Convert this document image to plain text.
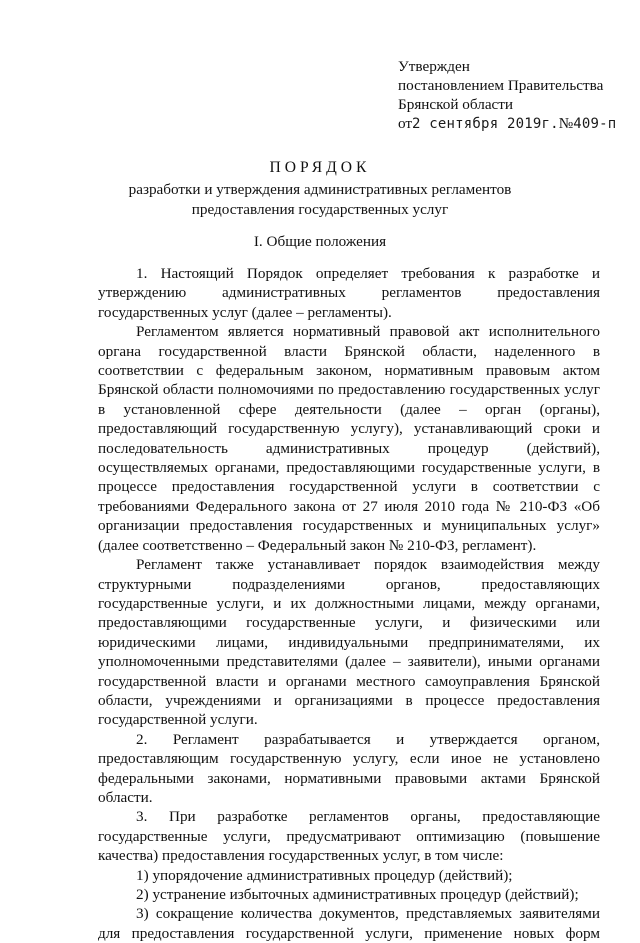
Утвержден
постановлением Правительства
Брянской области
от2 сентября 2019г.№409-п
ПОРЯДОК
разработки и утверждения административных регламентов
предоставления государственных услуг
I. Общие положения

1. Настоящий Порядок определяет требования к разработке и утверждению административных регламентов предоставления государственных услуг (далее – регламенты).

Регламентом является нормативный правовой акт исполнительного органа государственной власти Брянской области, наделенного в соответствии с федеральным законом, нормативным правовым актом Брянской области полномочиями по предоставлению государственных услуг в установленной сфере деятельности (далее – орган (органы), предоставляющий государственную услугу), устанавливающий сроки и последовательность административных процедур (действий), осуществляемых органами, предоставляющими государственные услуги, в процессе предоставления государственной услуги в соответствии с требованиями Федерального закона от 27 июля 2010 года № 210-ФЗ «Об организации предоставления государственных и муниципальных услуг» (далее соответственно – Федеральный закон № 210-ФЗ, регламент).

Регламент также устанавливает порядок взаимодействия между структурными подразделениями органов, предоставляющих государственные услуги, и их должностными лицами, между органами, предоставляющими государственные услуги, и физическими или юридическими лицами, индивидуальными предпринимателями, их уполномоченными представителями (далее – заявители), иными органами государственной власти и органами местного самоуправления Брянской области, учреждениями и организациями в процессе предоставления государственной услуги.

2. Регламент разрабатывается и утверждается органом, предоставляющим государственную услугу, если иное не установлено федеральными законами, нормативными правовыми актами Брянской области.

3. При разработке регламентов органы, предоставляющие государственные услуги, предусматривают оптимизацию (повышение качества) предоставления государственных услуг, в том числе:

1) упорядочение административных процедур (действий);

2) устранение избыточных административных процедур (действий);

3) сокращение количества документов, представляемых заявителями для предоставления государственной услуги, применение новых форм
